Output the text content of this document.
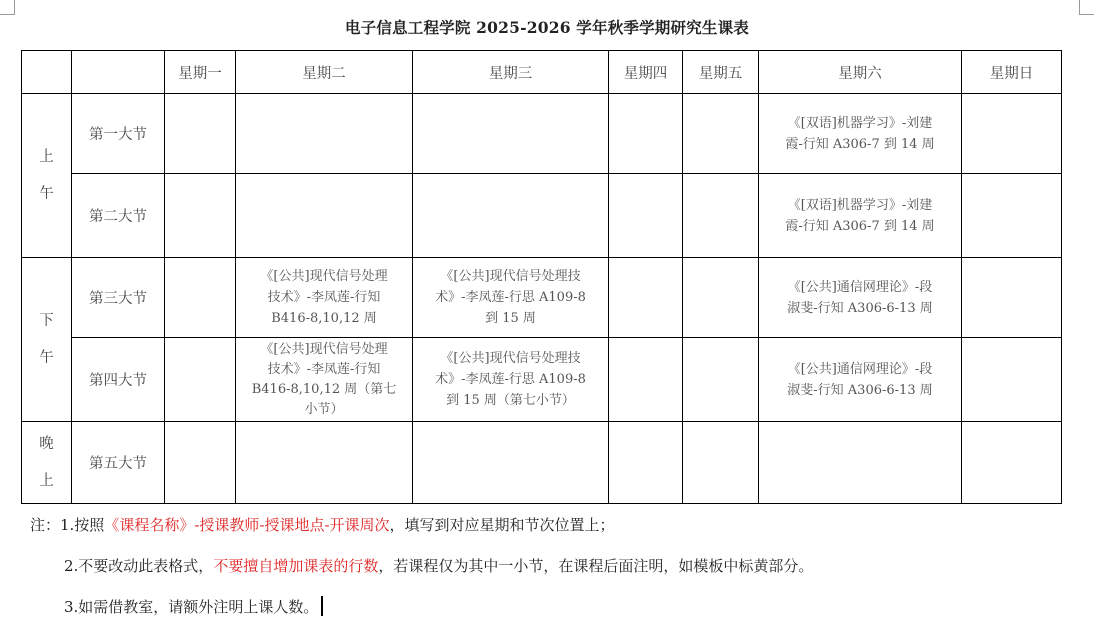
电子信息工程学院 2025-2026 学年秋季学期研究生课表
		星期一	星期二	星期三	星期四	星期五	星期六	星期日

上
午	第一大节						《[双语]机器学习》-刘建
霞-行知 A306-7 到 14 周	

	第二大节						《[双语]机器学习》-刘建
霞-行知 A306-7 到 14 周	

下
午	第三大节		《[公共]现代信号处理
技术》-李凤莲-行知
B416-8,10,12 周	《[公共]现代信号处理技
术》-李凤莲-行思 A109-8
到 15 周			《[公共]通信网理论》-段
淑斐-行知 A306-6-13 周	

	第四大节		《[公共]现代信号处理
技术》-李凤莲-行知
B416-8,10,12 周（第七
小节）	《[公共]现代信号处理技
术》-李凤莲-行思 A109-8
到 15 周（第七小节）			《[公共]通信网理论》-段
淑斐-行知 A306-6-13 周	

晚
上	第五大节							
注：1.按照《课程名称》-授课教师-授课地点-开课周次，填写到对应星期和节次位置上；
2.不要改动此表格式，不要擅自增加课表的行数，若课程仅为其中一小节，在课程后面注明，如模板中标黄部分。
3.如需借教室，请额外注明上课人数。
